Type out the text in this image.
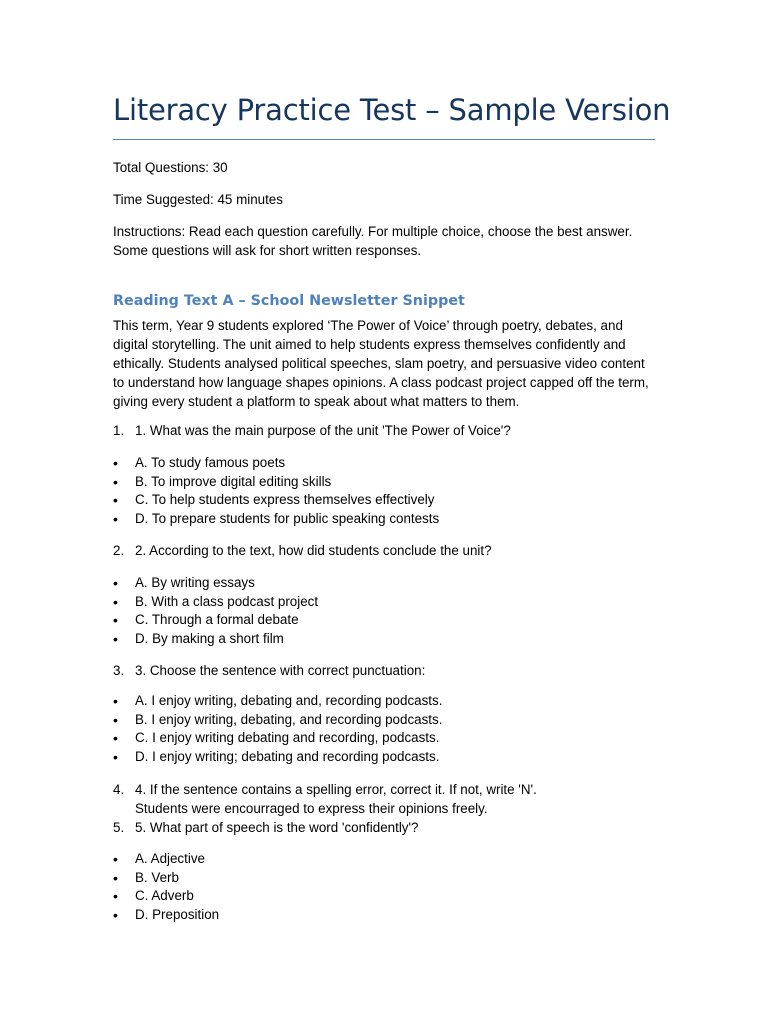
Literacy Practice Test – Sample Version
Total Questions: 30
Time Suggested: 45 minutes
Instructions: Read each question carefully. For multiple choice, choose the best answer. Some questions will ask for short written responses.
Reading Text A – School Newsletter Snippet
This term, Year 9 students explored ‘The Power of Voice’ through poetry, debates, and digital storytelling. The unit aimed to help students express themselves confidently and ethically. Students analysed political speeches, slam poetry, and persuasive video content to understand how language shapes opinions. A class podcast project capped off the term, giving every student a platform to speak about what matters to them.
1. 1. What was the main purpose of the unit 'The Power of Voice'?
• A. To study famous poets
• B. To improve digital editing skills
• C. To help students express themselves effectively
• D. To prepare students for public speaking contests
2. 2. According to the text, how did students conclude the unit?
• A. By writing essays
• B. With a class podcast project
• C. Through a formal debate
• D. By making a short film
3. 3. Choose the sentence with correct punctuation:
• A. I enjoy writing, debating and, recording podcasts.
• B. I enjoy writing, debating, and recording podcasts.
• C. I enjoy writing debating and recording, podcasts.
• D. I enjoy writing; debating and recording podcasts.
4. 4. If the sentence contains a spelling error, correct it. If not, write 'N'.
Students were encourraged to express their opinions freely.
5. 5. What part of speech is the word 'confidently'?
• A. Adjective
• B. Verb
• C. Adverb
• D. Preposition
